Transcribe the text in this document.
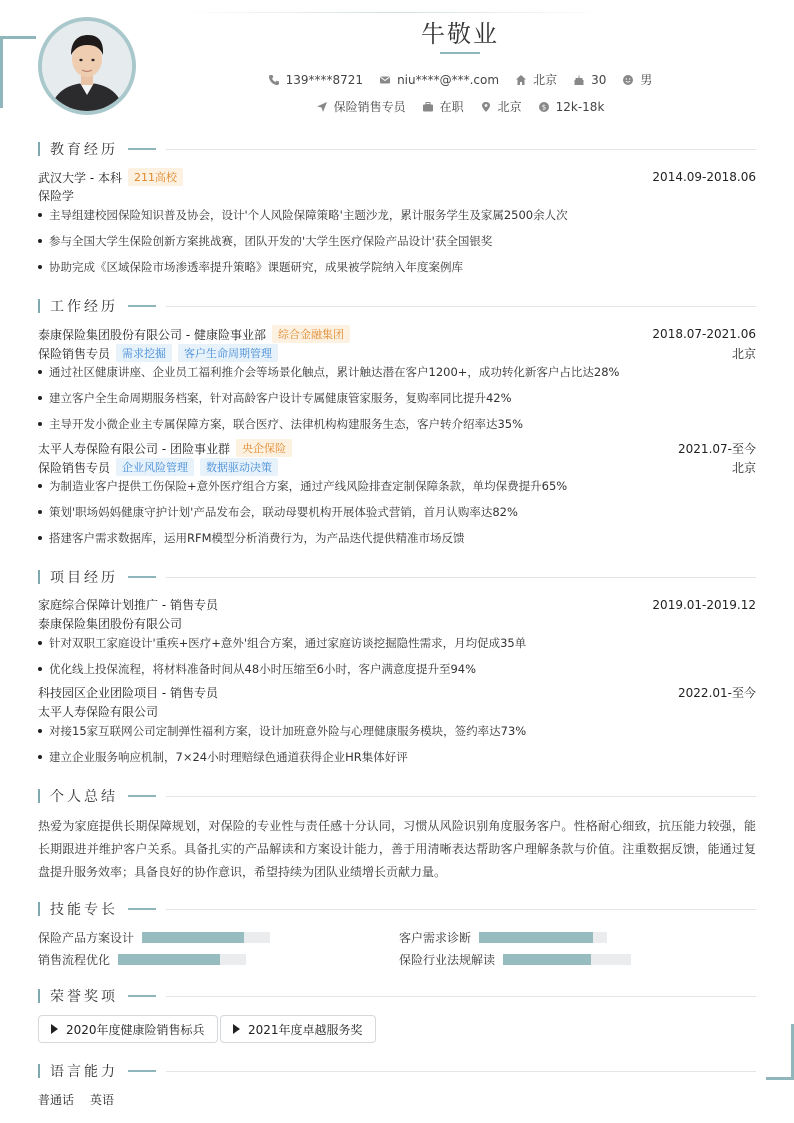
牛敬业
139****8721	niu****@***.com	北京	30	男
保险销售专员	在职	北京	$ 12k-18k
教育经历
武汉大学 - 本科	211高校	2014.09-2018.06
保险学
主导组建校园保险知识普及协会，设计'个人风险保障策略'主题沙龙，累计服务学生及家属2500余人次
参与全国大学生保险创新方案挑战赛，团队开发的'大学生医疗保险产品设计'获全国银奖
协助完成《区域保险市场渗透率提升策略》课题研究，成果被学院纳入年度案例库
工作经历
泰康保险集团股份有限公司 - 健康险事业部	综合金融集团	2018.07-2021.06
保险销售专员	需求挖掘	客户生命周期管理	北京
通过社区健康讲座、企业员工福利推介会等场景化触点，累计触达潜在客户1200+，成功转化新客户占比达28%
建立客户全生命周期服务档案，针对高龄客户设计专属健康管家服务，复购率同比提升42%
主导开发小微企业主专属保障方案，联合医疗、法律机构构建服务生态，客户转介绍率达35%
太平人寿保险有限公司 - 团险事业群	央企保险	2021.07-至今
保险销售专员	企业风险管理	数据驱动决策	北京
为制造业客户提供工伤保险+意外医疗组合方案，通过产线风险排查定制保障条款，单均保费提升65%
策划'职场妈妈健康守护计划'产品发布会，联动母婴机构开展体验式营销，首月认购率达82%
搭建客户需求数据库，运用RFM模型分析消费行为，为产品迭代提供精准市场反馈
项目经历
家庭综合保障计划推广 - 销售专员	2019.01-2019.12
泰康保险集团股份有限公司
针对双职工家庭设计'重疾+医疗+意外'组合方案，通过家庭访谈挖掘隐性需求，月均促成35单
优化线上投保流程，将材料准备时间从48小时压缩至6小时，客户满意度提升至94%
科技园区企业团险项目 - 销售专员	2022.01-至今
太平人寿保险有限公司
对接15家互联网公司定制弹性福利方案，设计加班意外险与心理健康服务模块，签约率达73%
建立企业服务响应机制，7×24小时理赔绿色通道获得企业HR集体好评
个人总结
热爱为家庭提供长期保障规划，对保险的专业性与责任感十分认同，习惯从风险识别角度服务客户。性格耐心细致，抗压能力较强，能长期跟进并维护客户关系。具备扎实的产品解读和方案设计能力，善于用清晰表达帮助客户理解条款与价值。注重数据反馈，能通过复盘提升服务效率；具备良好的协作意识，希望持续为团队业绩增长贡献力量。
技能专长
保险产品方案设计	客户需求诊断
销售流程优化	保险行业法规解读
荣誉奖项
2020年度健康险销售标兵	2021年度卓越服务奖
语言能力
普通话 英语
